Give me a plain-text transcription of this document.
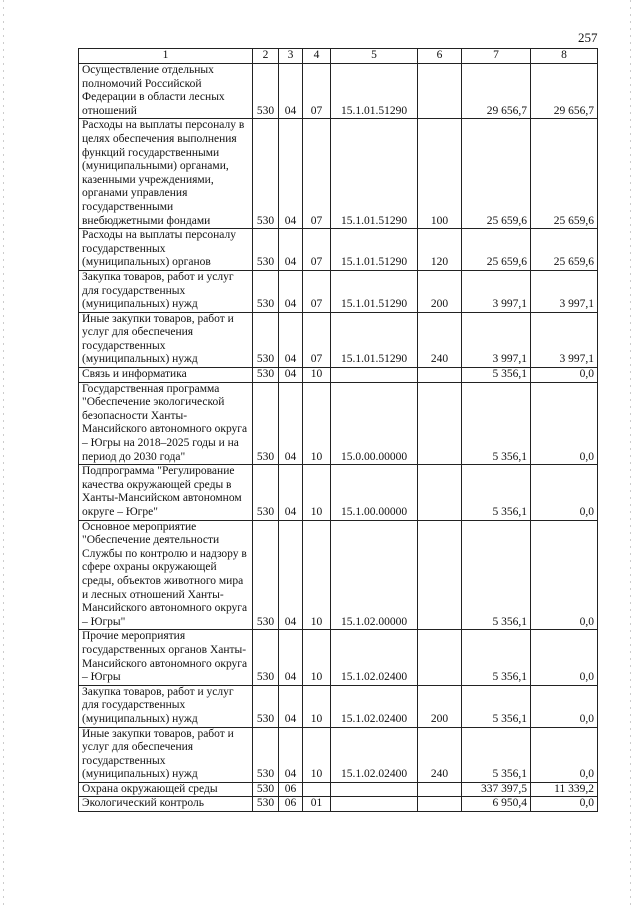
257
1	2	3	4	5	6	7	8
Осуществление отдельных полномочий Российской Федерации в области лесных отношений	530	04	07	15.1.01.51290		29 656,7	29 656,7
Расходы на выплаты персоналу в целях обеспечения выполнения функций государственными (муниципальными) органами, казенными учреждениями, органами управления государственными внебюджетными фондами	530	04	07	15.1.01.51290	100	25 659,6	25 659,6
Расходы на выплаты персоналу государственных (муниципальных) органов	530	04	07	15.1.01.51290	120	25 659,6	25 659,6
Закупка товаров, работ и услуг для государственных (муниципальных) нужд	530	04	07	15.1.01.51290	200	3 997,1	3 997,1
Иные закупки товаров, работ и услуг для обеспечения государственных (муниципальных) нужд	530	04	07	15.1.01.51290	240	3 997,1	3 997,1
Связь и информатика	530	04	10			5 356,1	0,0
Государственная программа "Обеспечение экологической безопасности Ханты-Мансийского автономного округа – Югры на 2018–2025 годы и на период до 2030 года"	530	04	10	15.0.00.00000		5 356,1	0,0
Подпрограмма "Регулирование качества окружающей среды в Ханты-Мансийском автономном округе – Югре"	530	04	10	15.1.00.00000		5 356,1	0,0
Основное мероприятие "Обеспечение деятельности Службы по контролю и надзору в сфере охраны окружающей среды, объектов животного мира и лесных отношений Ханты-Мансийского автономного округа – Югры"	530	04	10	15.1.02.00000		5 356,1	0,0
Прочие мероприятия государственных органов Ханты-Мансийского автономного округа – Югры	530	04	10	15.1.02.02400		5 356,1	0,0
Закупка товаров, работ и услуг для государственных (муниципальных) нужд	530	04	10	15.1.02.02400	200	5 356,1	0,0
Иные закупки товаров, работ и услуг для обеспечения государственных (муниципальных) нужд	530	04	10	15.1.02.02400	240	5 356,1	0,0
Охрана окружающей среды	530	06				337 397,5	11 339,2
Экологический контроль	530	06	01			6 950,4	0,0
